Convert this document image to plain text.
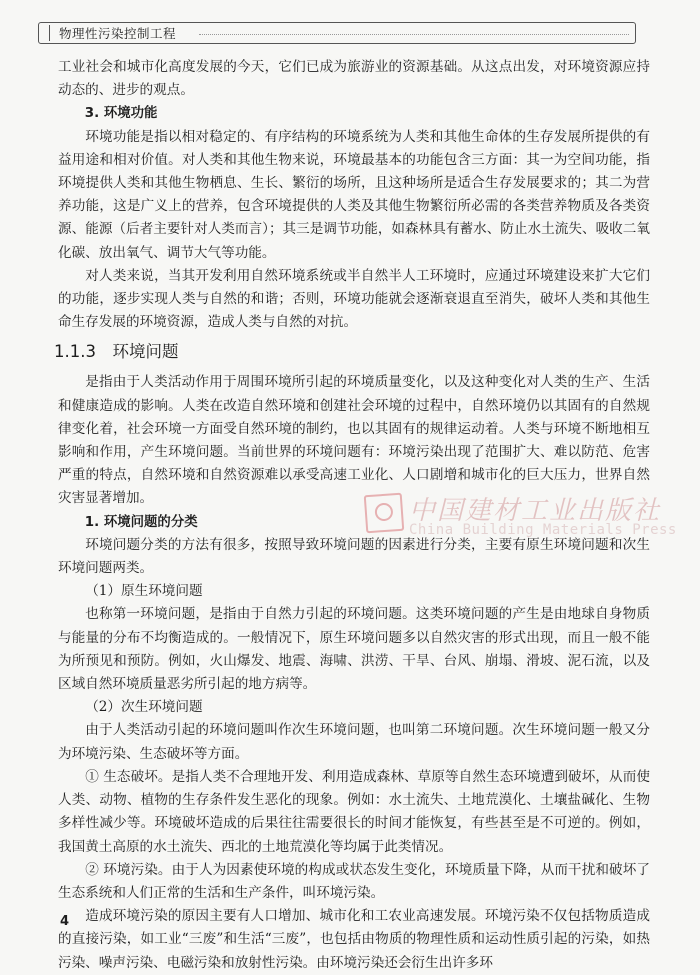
物理性污染控制工程

工业社会和城市化高度发展的今天，它们已成为旅游业的资源基础。从这点出发，对环境资源应持动态的、进步的观点。

3. 环境功能

环境功能是指以相对稳定的、有序结构的环境系统为人类和其他生命体的生存发展所提供的有益用途和相对价值。对人类和其他生物来说，环境最基本的功能包含三方面：其一为空间功能，指环境提供人类和其他生物栖息、生长、繁衍的场所，且这种场所是适合生存发展要求的；其二为营养功能，这是广义上的营养，包含环境提供的人类及其他生物繁衍所必需的各类营养物质及各类资源、能源（后者主要针对人类而言）；其三是调节功能，如森林具有蓄水、防止水土流失、吸收二氧化碳、放出氧气、调节大气等功能。

对人类来说，当其开发利用自然环境系统或半自然半人工环境时，应通过环境建设来扩大它们的功能，逐步实现人类与自然的和谐；否则，环境功能就会逐渐衰退直至消失，破坏人类和其他生命生存发展的环境资源，造成人类与自然的对抗。

1.1.3　环境问题

是指由于人类活动作用于周围环境所引起的环境质量变化，以及这种变化对人类的生产、生活和健康造成的影响。人类在改造自然环境和创建社会环境的过程中，自然环境仍以其固有的自然规律变化着，社会环境一方面受自然环境的制约，也以其固有的规律运动着。人类与环境不断地相互影响和作用，产生环境问题。当前世界的环境问题有：环境污染出现了范围扩大、难以防范、危害严重的特点，自然环境和自然资源难以承受高速工业化、人口剧增和城市化的巨大压力，世界自然灾害显著增加。

1. 环境问题的分类

环境问题分类的方法有很多，按照导致环境问题的因素进行分类，主要有原生环境问题和次生环境问题两类。

（1）原生环境问题

也称第一环境问题，是指由于自然力引起的环境问题。这类环境问题的产生是由地球自身物质与能量的分布不均衡造成的。一般情况下，原生环境问题多以自然灾害的形式出现，而且一般不能为所预见和预防。例如，火山爆发、地震、海啸、洪涝、干旱、台风、崩塌、滑坡、泥石流，以及区域自然环境质量恶劣所引起的地方病等。

（2）次生环境问题

由于人类活动引起的环境问题叫作次生环境问题，也叫第二环境问题。次生环境问题一般又分为环境污染、生态破坏等方面。

① 生态破坏。是指人类不合理地开发、利用造成森林、草原等自然生态环境遭到破坏，从而使人类、动物、植物的生存条件发生恶化的现象。例如：水土流失、土地荒漠化、土壤盐碱化、生物多样性减少等。环境破坏造成的后果往往需要很长的时间才能恢复，有些甚至是不可逆的。例如，我国黄土高原的水土流失、西北的土地荒漠化等均属于此类情况。

② 环境污染。由于人为因素使环境的构成或状态发生变化，环境质量下降，从而干扰和破坏了生态系统和人们正常的生活和生产条件，叫环境污染。

造成环境污染的原因主要有人口增加、城市化和工农业高速发展。环境污染不仅包括物质造成的直接污染，如工业“三废”和生活“三废”，也包括由物质的物理性质和运动性质引起的污染，如热污染、噪声污染、电磁污染和放射性污染。由环境污染还会衍生出许多环

中国建材工业出版社
China Building Materials Press
4
